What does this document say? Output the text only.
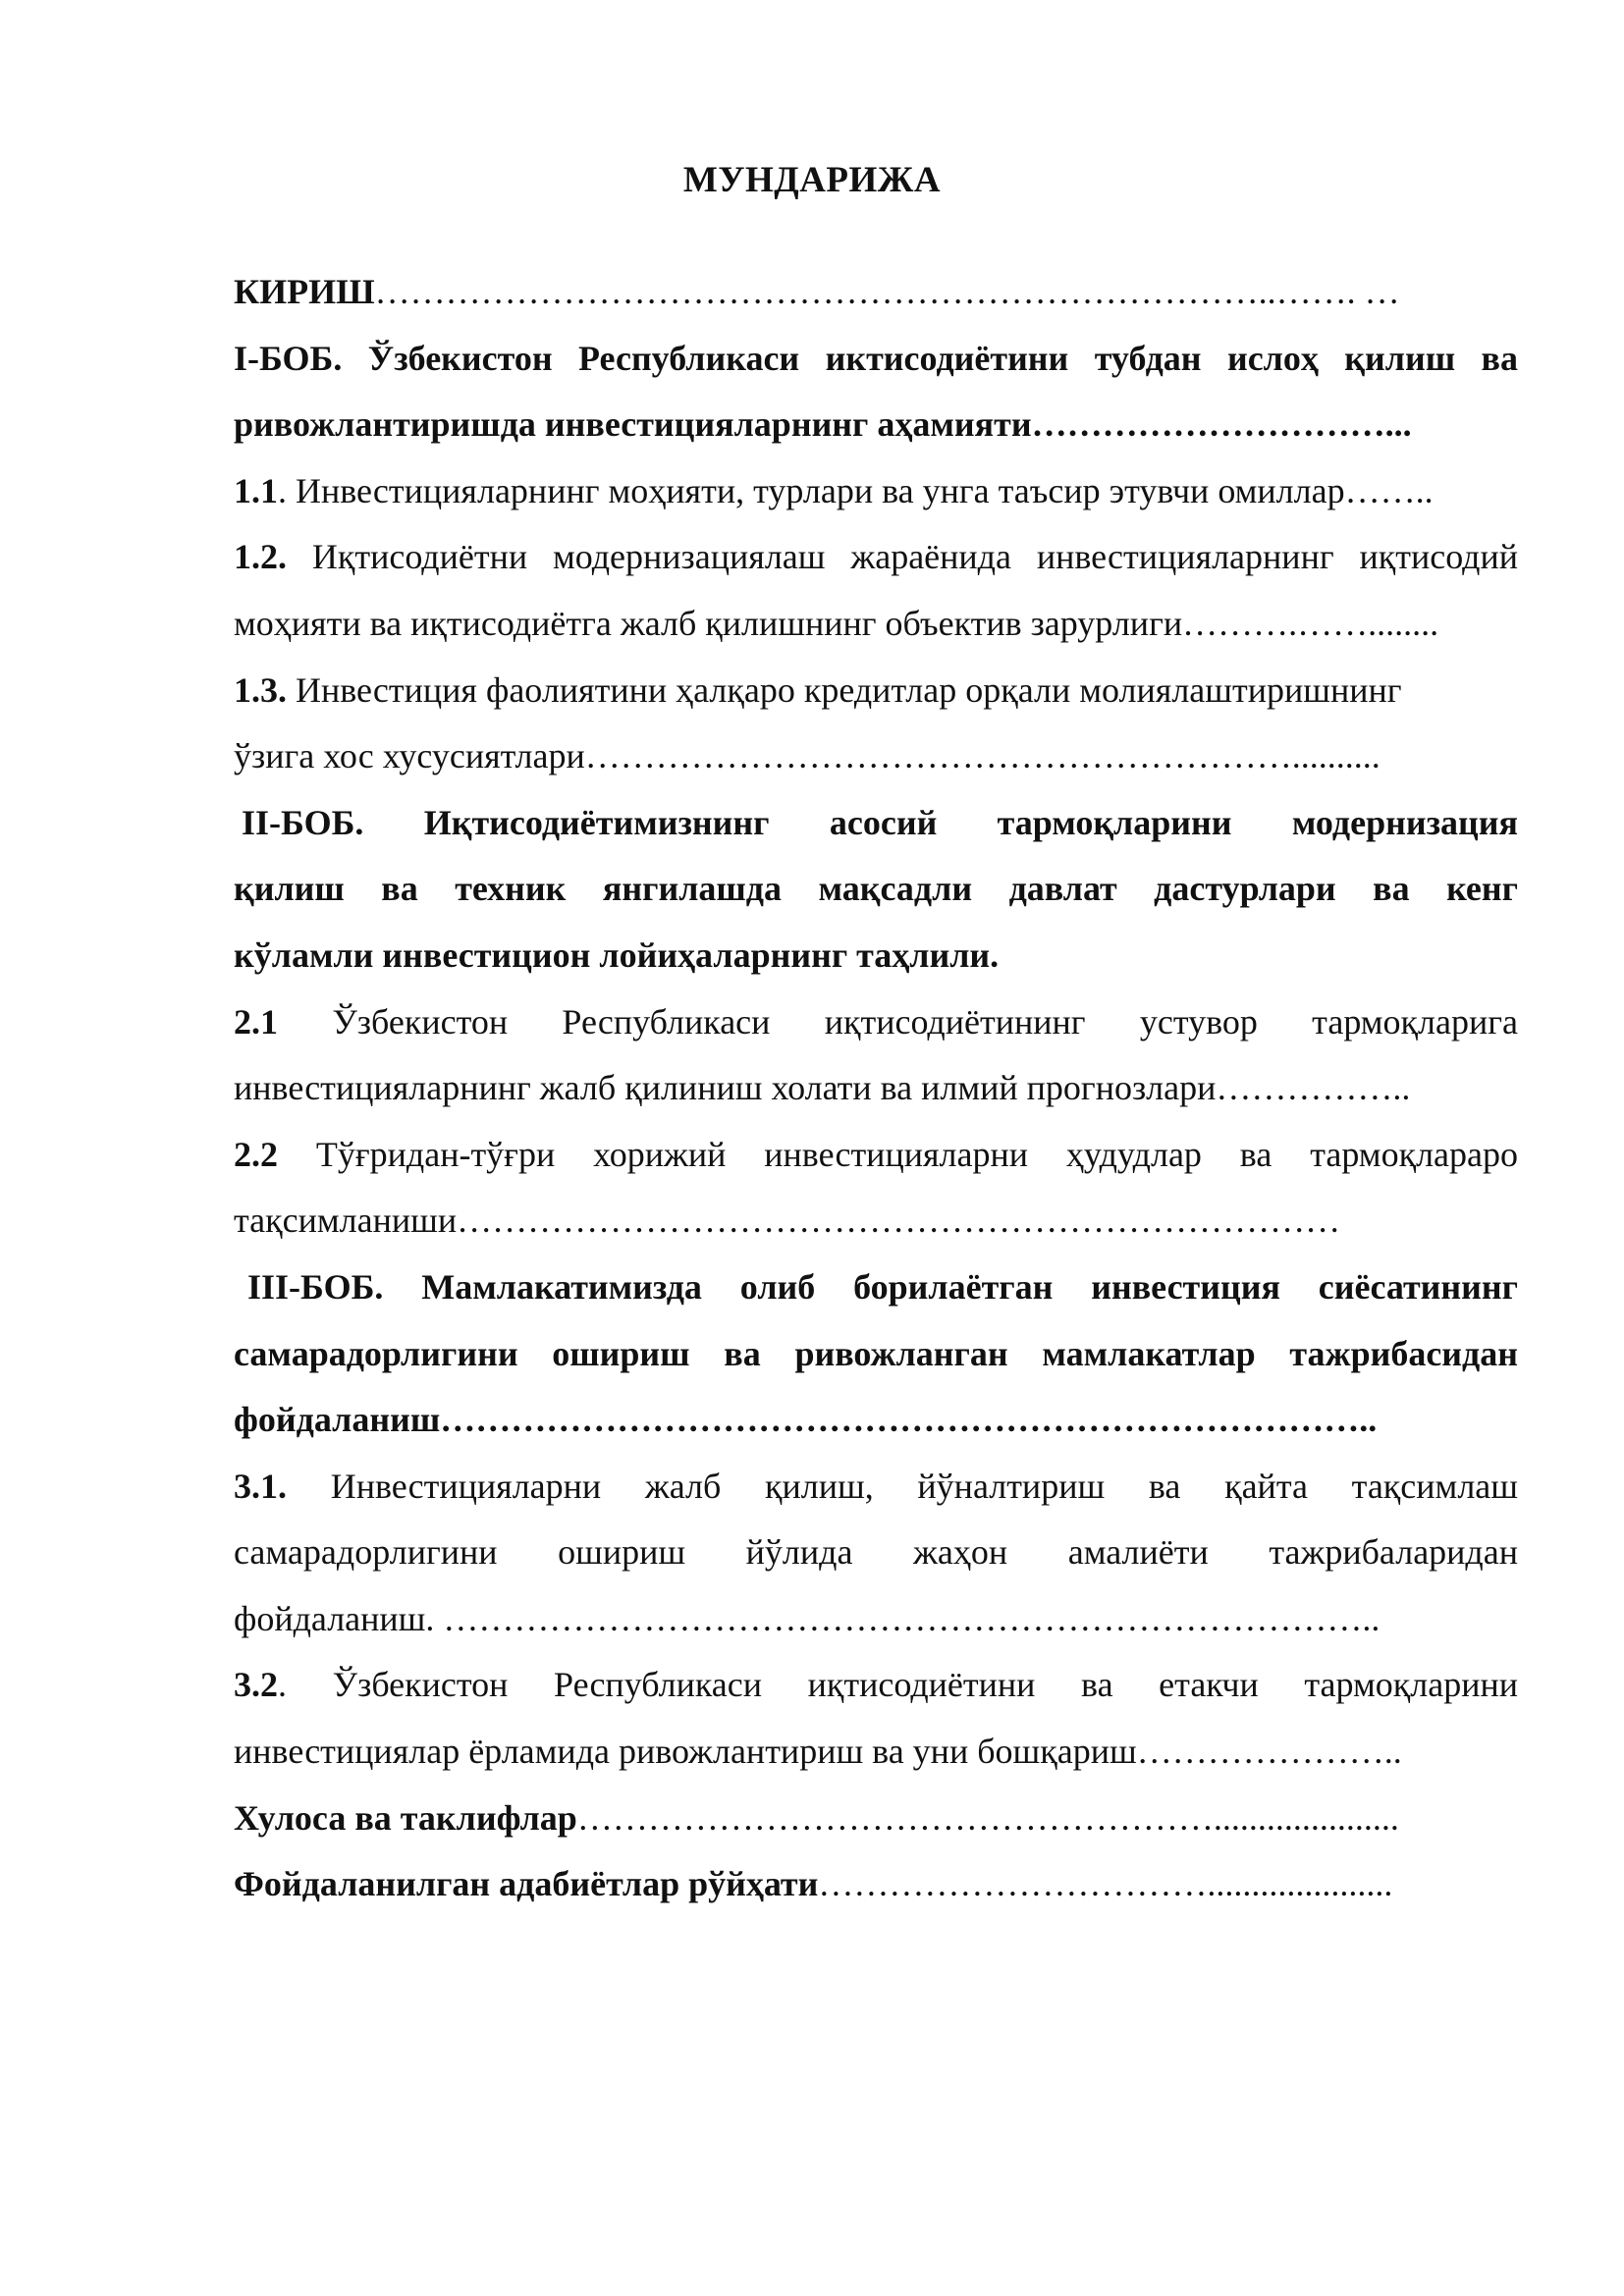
МУНДАРИЖА
КИРИШ…………………………………………………………………..……. …
I-БОБ. Ўзбекистон Республикаси иктисодиётини тубдан ислоҳ қилиш ва
ривожлантиришда инвестицияларнинг аҳамияти…………………………...
1.1. Инвестицияларнинг моҳияти, турлари ва унга таъсир этувчи омиллар……..
1.2. Иқтисодиётни модернизациялаш жараёнида инвестицияларнинг иқтисодий
моҳияти ва иқтисодиётга жалб қилишнинг объектив зарурлиги……….……........
1.3. Инвестиция фаолиятини ҳалқаро кредитлар орқали молиялаштиришнинг
ўзига хос хусусиятлари……………………………………………………..........
II-БОБ. Иқтисодиётимизнинг асосий тармоқларини модернизация
қилиш ва техник янгилашда мақсадли давлат дастурлари ва кенг
кўламли инвестицион лойиҳаларнинг таҳлили.
2.1 Ўзбекистон Республикаси иқтисодиётининг устувор тармоқларига
инвестицияларнинг жалб қилиниш холати ва илмий прогнозлари……………..
2.2 Тўғридан-тўғри хорижий инвестицияларни ҳудудлар ва тармоқлараро
тақсимланиши…………………………………………………………………
III-БОБ. Мамлакатимизда олиб борилаётган инвестиция сиёсатининг
самарадорлигини ошириш ва ривожланган мамлакатлар тажрибасидан
фойдаланиш……………………………………………………………………..
3.1. Инвестицияларни жалб қилиш, йўналтириш ва қайта тақсимлаш
самарадорлигини ошириш йўлида жаҳон амалиёти тажрибаларидан
фойдаланиш. ……………………………………………………………………..
3.2. Ўзбекистон Республикаси иқтисодиётини ва етакчи тармоқларини
инвестициялар ёрламида ривожлантириш ва уни бошқариш…………………..
Хулоса ва таклифлар……………………………………………….....................
Фойдаланилган адабиётлар рўйҳати…………………………….....................
